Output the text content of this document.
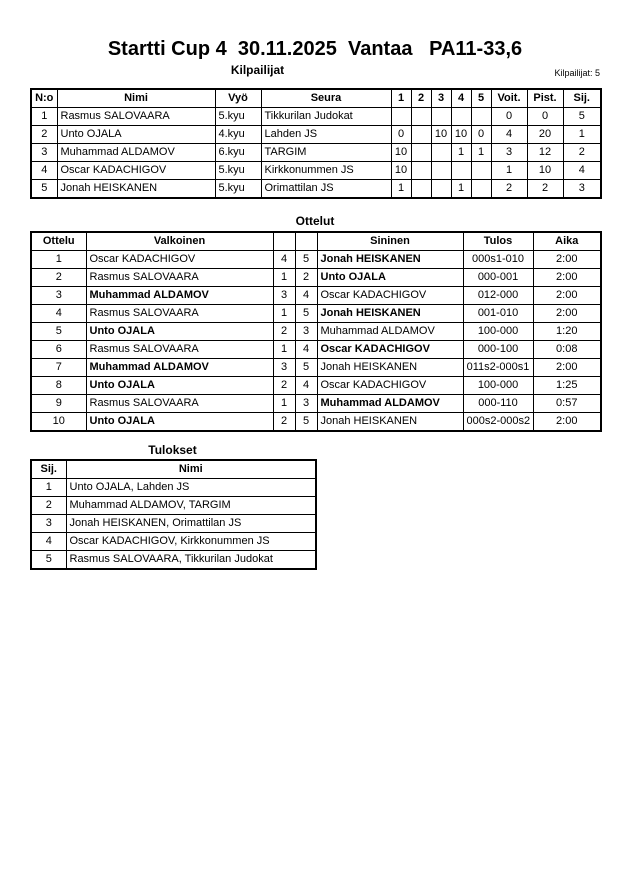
Startti Cup 4  30.11.2025  Vantaa   PA11-33,6
Kilpailijat	Kilpailijat: 5
N:o	Nimi	Vyö	Seura	1	2	3	4	5	Voit.	Pist.	Sij.
1	Rasmus SALOVAARA	5.kyu	Tikkurilan Judokat						0	0	5
2	Unto OJALA	4.kyu	Lahden JS	0		10	10	0	4	20	1
3	Muhammad ALDAMOV	6.kyu	TARGIM	10			1	1	3	12	2
4	Oscar KADACHIGOV	5.kyu	Kirkkonummen JS	10					1	10	4
5	Jonah HEISKANEN	5.kyu	Orimattilan JS	1			1		2	2	3
Ottelut
Ottelu	Valkoinen			Sininen	Tulos	Aika
1	Oscar KADACHIGOV	4	5	Jonah HEISKANEN	000s1-010	2:00
2	Rasmus SALOVAARA	1	2	Unto OJALA	000-001	2:00
3	Muhammad ALDAMOV	3	4	Oscar KADACHIGOV	012-000	2:00
4	Rasmus SALOVAARA	1	5	Jonah HEISKANEN	001-010	2:00
5	Unto OJALA	2	3	Muhammad ALDAMOV	100-000	1:20
6	Rasmus SALOVAARA	1	4	Oscar KADACHIGOV	000-100	0:08
7	Muhammad ALDAMOV	3	5	Jonah HEISKANEN	011s2-000s1	2:00
8	Unto OJALA	2	4	Oscar KADACHIGOV	100-000	1:25
9	Rasmus SALOVAARA	1	3	Muhammad ALDAMOV	000-110	0:57
10	Unto OJALA	2	5	Jonah HEISKANEN	000s2-000s2	2:00
Tulokset
Sij.	Nimi
1	Unto OJALA, Lahden JS
2	Muhammad ALDAMOV, TARGIM
3	Jonah HEISKANEN, Orimattilan JS
4	Oscar KADACHIGOV, Kirkkonummen JS
5	Rasmus SALOVAARA, Tikkurilan Judokat
